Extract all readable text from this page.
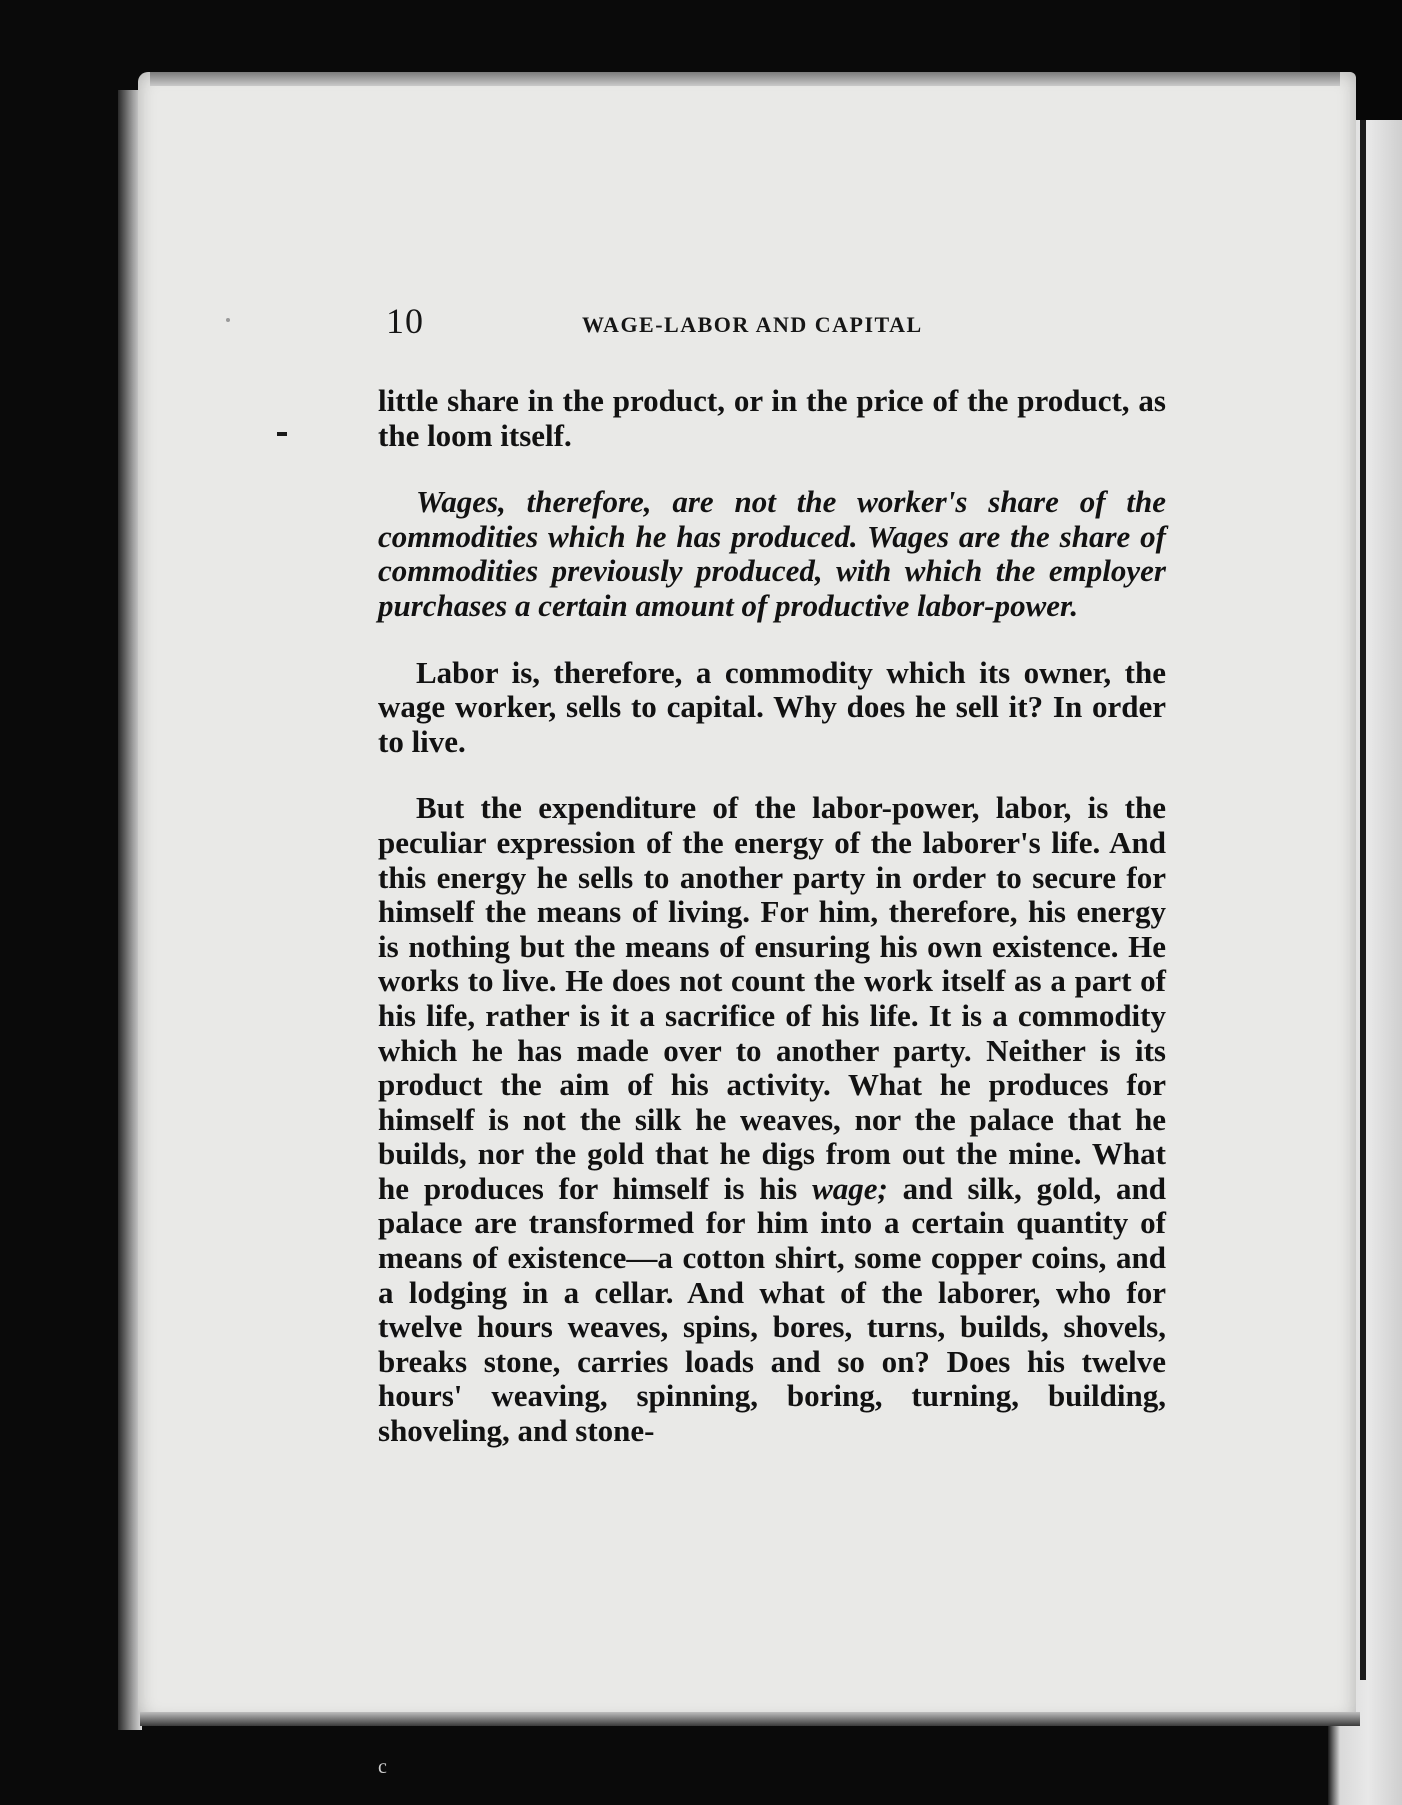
c
10	WAGE-LABOR AND CAPITAL

little share in the product, or in the price of the product, as the loom itself.

Wages, therefore, are not the worker's share of the commodities which he has produced. Wages are the share of commodities previously produced, with which the employer purchases a certain amount of productive labor-power.

Labor is, therefore, a commodity which its owner, the wage worker, sells to capital. Why does he sell it? In order to live.

But the expenditure of the labor-power, labor, is the peculiar expression of the energy of the laborer's life. And this energy he sells to another party in order to secure for himself the means of living. For him, therefore, his energy is nothing but the means of ensuring his own existence. He works to live. He does not count the work itself as a part of his life, rather is it a sacrifice of his life. It is a commodity which he has made over to another party. Neither is its product the aim of his activity. What he produces for himself is not the silk he weaves, nor the palace that he builds, nor the gold that he digs from out the mine. What he produces for himself is his wage; and silk, gold, and palace are transformed for him into a certain quantity of means of existence—a cotton shirt, some copper coins, and a lodging in a cellar. And what of the laborer, who for twelve hours weaves, spins, bores, turns, builds, shovels, breaks stone, carries loads and so on? Does his twelve hours' weaving, spinning, boring, turning, building, shoveling, and stone-
